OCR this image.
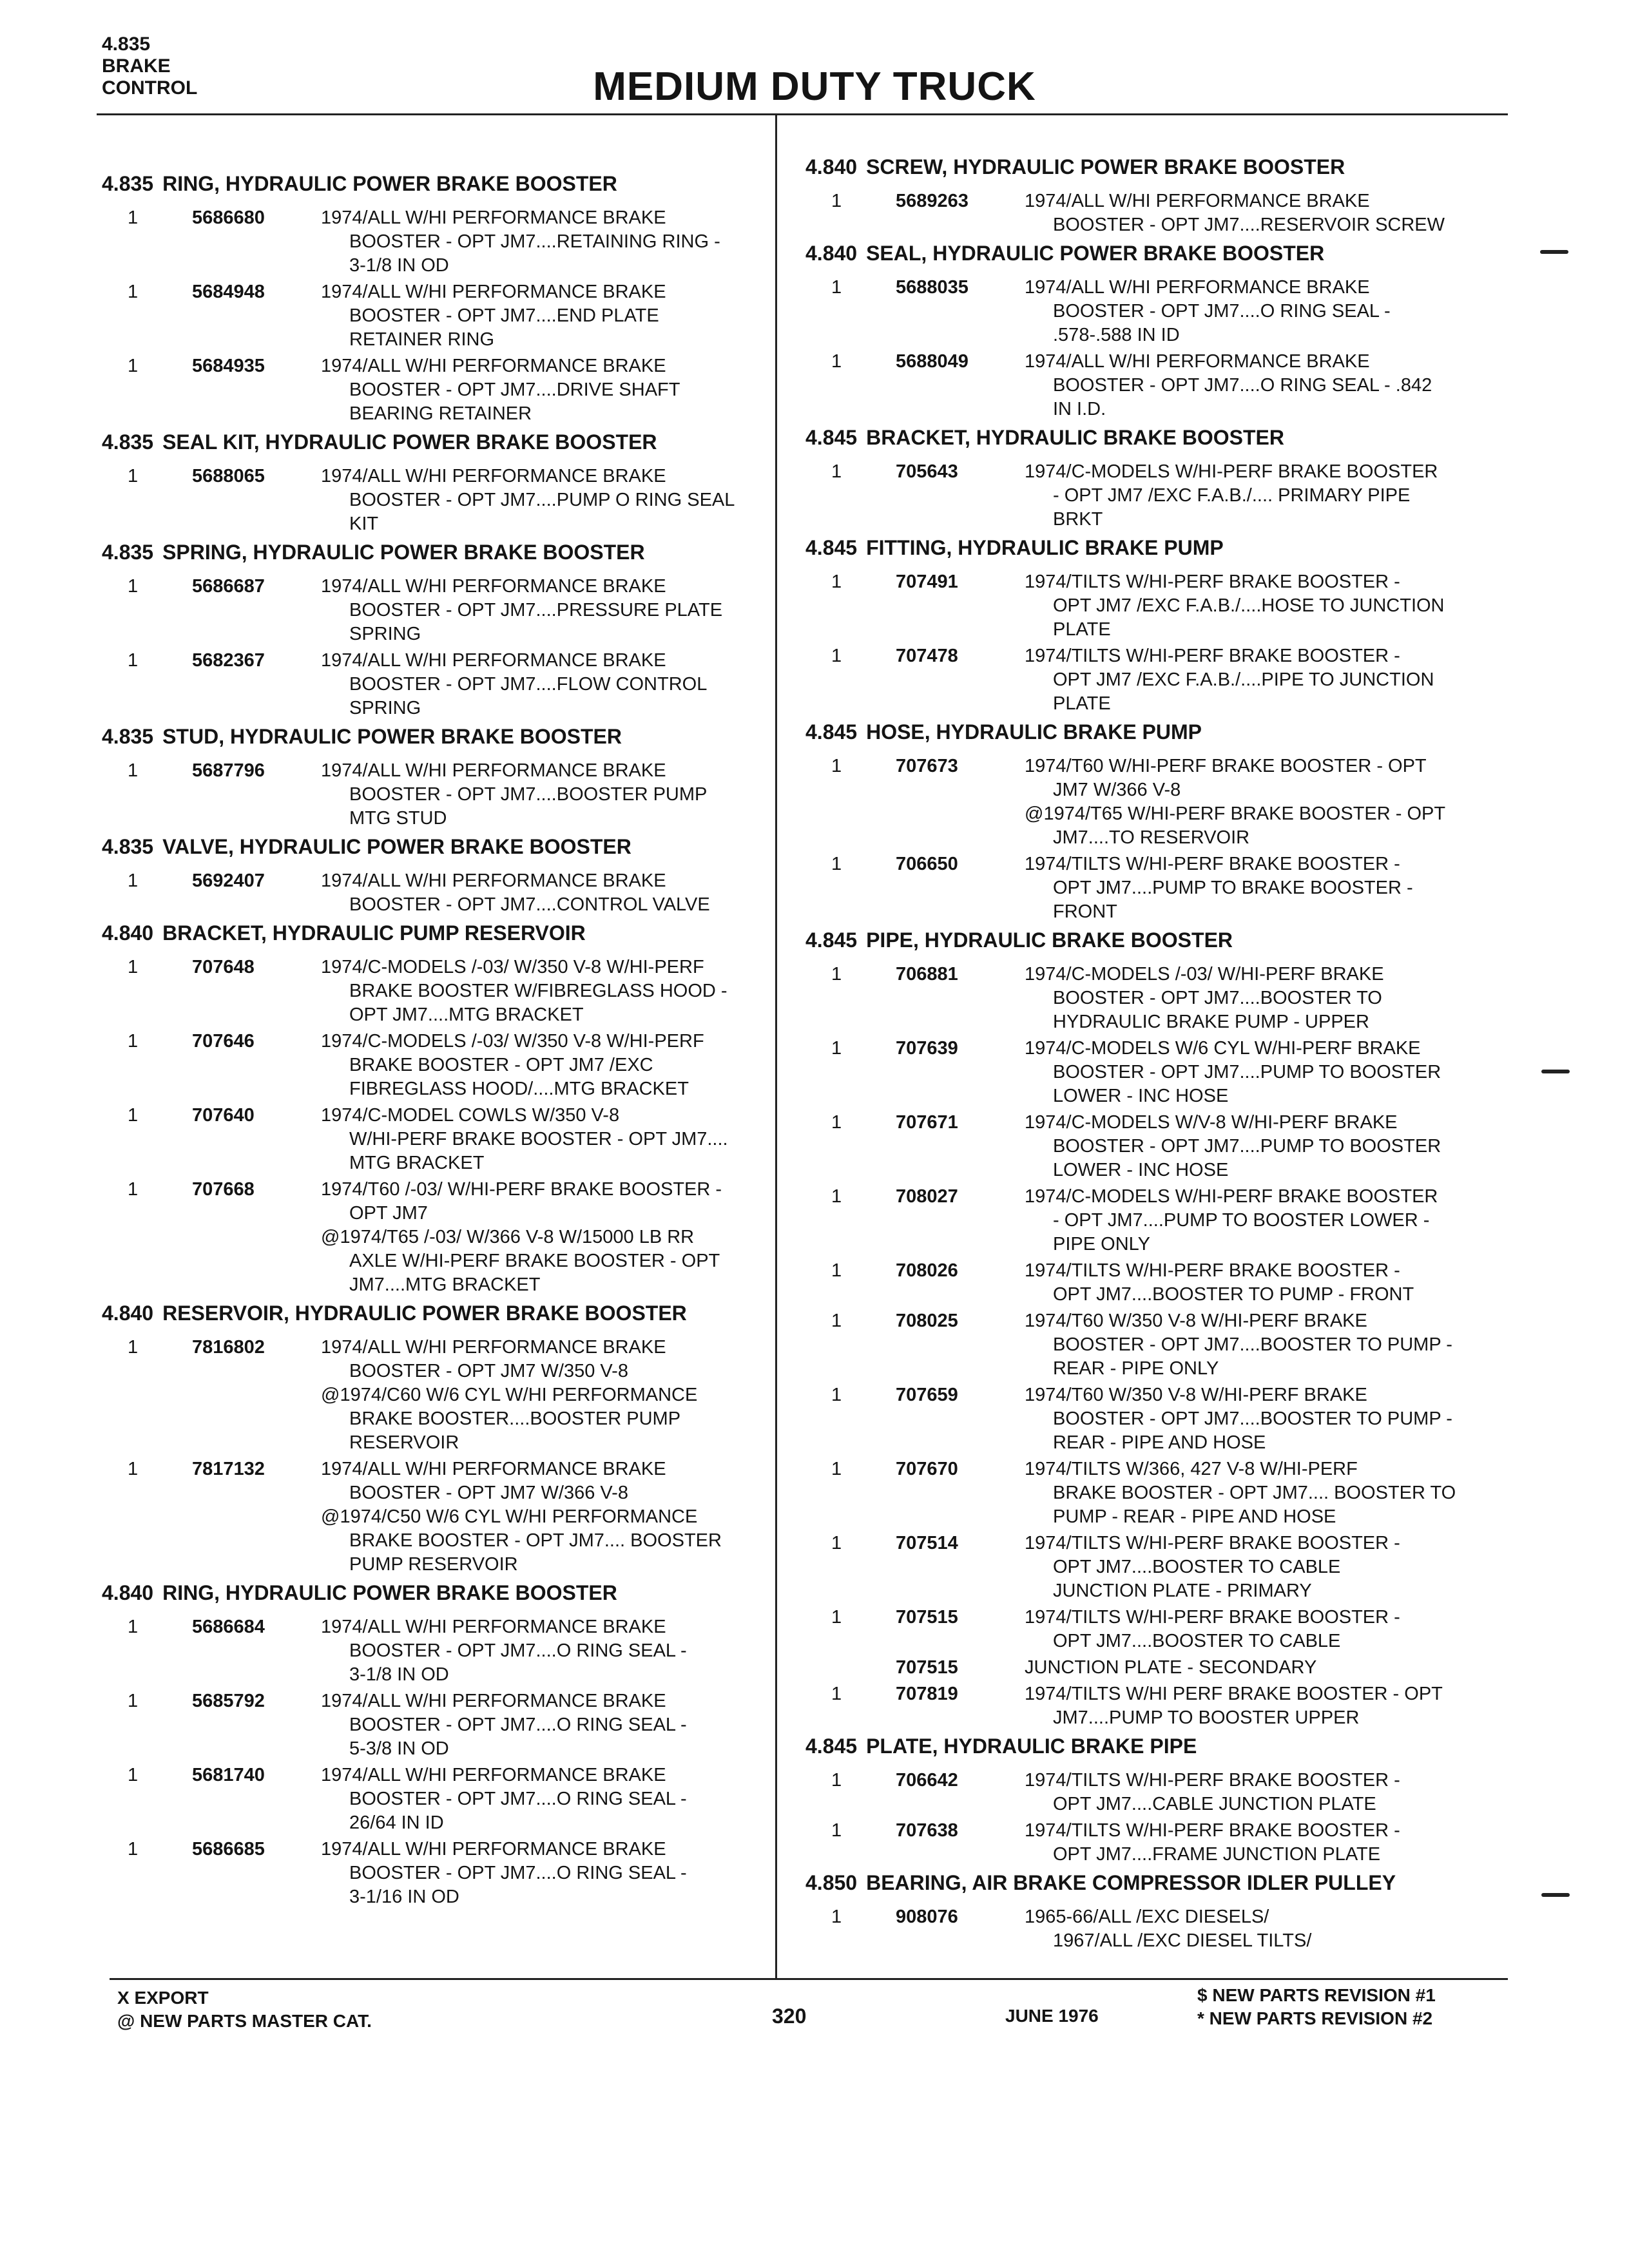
4.835
BRAKE
CONTROL	MEDIUM DUTY TRUCK
4.835 RING, HYDRAULIC POWER BRAKE BOOSTER
1	5686680	1974/ALL W/HI PERFORMANCE BRAKE
BOOSTER - OPT JM7....RETAINING RING -
3-1/8 IN OD
1	5684948	1974/ALL W/HI PERFORMANCE BRAKE
BOOSTER - OPT JM7....END PLATE
RETAINER RING
1	5684935	1974/ALL W/HI PERFORMANCE BRAKE
BOOSTER - OPT JM7....DRIVE SHAFT
BEARING RETAINER
4.835 SEAL KIT, HYDRAULIC POWER BRAKE BOOSTER
1	5688065	1974/ALL W/HI PERFORMANCE BRAKE
BOOSTER - OPT JM7....PUMP O RING SEAL
KIT
4.835 SPRING, HYDRAULIC POWER BRAKE BOOSTER
1	5686687	1974/ALL W/HI PERFORMANCE BRAKE
BOOSTER - OPT JM7....PRESSURE PLATE
SPRING
1	5682367	1974/ALL W/HI PERFORMANCE BRAKE
BOOSTER - OPT JM7....FLOW CONTROL
SPRING
4.835 STUD, HYDRAULIC POWER BRAKE BOOSTER
1	5687796	1974/ALL W/HI PERFORMANCE BRAKE
BOOSTER - OPT JM7....BOOSTER PUMP
MTG STUD
4.835 VALVE, HYDRAULIC POWER BRAKE BOOSTER
1	5692407	1974/ALL W/HI PERFORMANCE BRAKE
BOOSTER - OPT JM7....CONTROL VALVE
4.840 BRACKET, HYDRAULIC PUMP RESERVOIR
1	707648	1974/C-MODELS /-03/ W/350 V-8 W/HI-PERF
BRAKE BOOSTER W/FIBREGLASS HOOD -
OPT JM7....MTG BRACKET
1	707646	1974/C-MODELS /-03/ W/350 V-8 W/HI-PERF
BRAKE BOOSTER - OPT JM7 /EXC
FIBREGLASS HOOD/....MTG BRACKET
1	707640	1974/C-MODEL COWLS W/350 V-8
W/HI-PERF BRAKE BOOSTER - OPT JM7....
MTG BRACKET
1	707668	1974/T60 /-03/ W/HI-PERF BRAKE BOOSTER -
OPT JM7
@1974/T65 /-03/ W/366 V-8 W/15000 LB RR
AXLE W/HI-PERF BRAKE BOOSTER - OPT
JM7....MTG BRACKET
4.840 RESERVOIR, HYDRAULIC POWER BRAKE BOOSTER
1	7816802	1974/ALL W/HI PERFORMANCE BRAKE
BOOSTER - OPT JM7 W/350 V-8
@1974/C60 W/6 CYL W/HI PERFORMANCE
BRAKE BOOSTER....BOOSTER PUMP
RESERVOIR
1	7817132	1974/ALL W/HI PERFORMANCE BRAKE
BOOSTER - OPT JM7 W/366 V-8
@1974/C50 W/6 CYL W/HI PERFORMANCE
BRAKE BOOSTER - OPT JM7.... BOOSTER
PUMP RESERVOIR
4.840 RING, HYDRAULIC POWER BRAKE BOOSTER
1	5686684	1974/ALL W/HI PERFORMANCE BRAKE
BOOSTER - OPT JM7....O RING SEAL -
3-1/8 IN OD
1	5685792	1974/ALL W/HI PERFORMANCE BRAKE
BOOSTER - OPT JM7....O RING SEAL -
5-3/8 IN OD
1	5681740	1974/ALL W/HI PERFORMANCE BRAKE
BOOSTER - OPT JM7....O RING SEAL -
26/64 IN ID
1	5686685	1974/ALL W/HI PERFORMANCE BRAKE
BOOSTER - OPT JM7....O RING SEAL -
3-1/16 IN OD
4.840 SCREW, HYDRAULIC POWER BRAKE BOOSTER
1	5689263	1974/ALL W/HI PERFORMANCE BRAKE
BOOSTER - OPT JM7....RESERVOIR SCREW
4.840 SEAL, HYDRAULIC POWER BRAKE BOOSTER
1	5688035	1974/ALL W/HI PERFORMANCE BRAKE
BOOSTER - OPT JM7....O RING SEAL -
.578-.588 IN ID
1	5688049	1974/ALL W/HI PERFORMANCE BRAKE
BOOSTER - OPT JM7....O RING SEAL - .842
IN I.D.
4.845 BRACKET, HYDRAULIC BRAKE BOOSTER
1	705643	1974/C-MODELS W/HI-PERF BRAKE BOOSTER
- OPT JM7 /EXC F.A.B./.... PRIMARY PIPE
BRKT
4.845 FITTING, HYDRAULIC BRAKE PUMP
1	707491	1974/TILTS W/HI-PERF BRAKE BOOSTER -
OPT JM7 /EXC F.A.B./....HOSE TO JUNCTION
PLATE
1	707478	1974/TILTS W/HI-PERF BRAKE BOOSTER -
OPT JM7 /EXC F.A.B./....PIPE TO JUNCTION
PLATE
4.845 HOSE, HYDRAULIC BRAKE PUMP
1	707673	1974/T60 W/HI-PERF BRAKE BOOSTER - OPT
JM7 W/366 V-8
@1974/T65 W/HI-PERF BRAKE BOOSTER - OPT
JM7....TO RESERVOIR
1	706650	1974/TILTS W/HI-PERF BRAKE BOOSTER -
OPT JM7....PUMP TO BRAKE BOOSTER -
FRONT
4.845 PIPE, HYDRAULIC BRAKE BOOSTER
1	706881	1974/C-MODELS /-03/ W/HI-PERF BRAKE
BOOSTER - OPT JM7....BOOSTER TO
HYDRAULIC BRAKE PUMP - UPPER
1	707639	1974/C-MODELS W/6 CYL W/HI-PERF BRAKE
BOOSTER - OPT JM7....PUMP TO BOOSTER
LOWER - INC HOSE
1	707671	1974/C-MODELS W/V-8 W/HI-PERF BRAKE
BOOSTER - OPT JM7....PUMP TO BOOSTER
LOWER - INC HOSE
1	708027	1974/C-MODELS W/HI-PERF BRAKE BOOSTER
- OPT JM7....PUMP TO BOOSTER LOWER -
PIPE ONLY
1	708026	1974/TILTS W/HI-PERF BRAKE BOOSTER -
OPT JM7....BOOSTER TO PUMP - FRONT
1	708025	1974/T60 W/350 V-8 W/HI-PERF BRAKE
BOOSTER - OPT JM7....BOOSTER TO PUMP -
REAR - PIPE ONLY
1	707659	1974/T60 W/350 V-8 W/HI-PERF BRAKE
BOOSTER - OPT JM7....BOOSTER TO PUMP -
REAR - PIPE AND HOSE
1	707670	1974/TILTS W/366, 427 V-8 W/HI-PERF
BRAKE BOOSTER - OPT JM7.... BOOSTER TO
PUMP - REAR - PIPE AND HOSE
1	707514	1974/TILTS W/HI-PERF BRAKE BOOSTER -
OPT JM7....BOOSTER TO CABLE
JUNCTION PLATE - PRIMARY
1	707515	1974/TILTS W/HI-PERF BRAKE BOOSTER -
OPT JM7....BOOSTER TO CABLE
707515	JUNCTION PLATE - SECONDARY
1	707819	1974/TILTS W/HI PERF BRAKE BOOSTER - OPT
JM7....PUMP TO BOOSTER UPPER
4.845 PLATE, HYDRAULIC BRAKE PIPE
1	706642	1974/TILTS W/HI-PERF BRAKE BOOSTER -
OPT JM7....CABLE JUNCTION PLATE
1	707638	1974/TILTS W/HI-PERF BRAKE BOOSTER -
OPT JM7....FRAME JUNCTION PLATE
4.850 BEARING, AIR BRAKE COMPRESSOR IDLER PULLEY
1	908076	1965-66/ALL /EXC DIESELS/
1967/ALL /EXC DIESEL TILTS/
X EXPORT
@ NEW PARTS MASTER CAT.	320	JUNE 1976
$ NEW PARTS REVISION #1
* NEW PARTS REVISION #2
